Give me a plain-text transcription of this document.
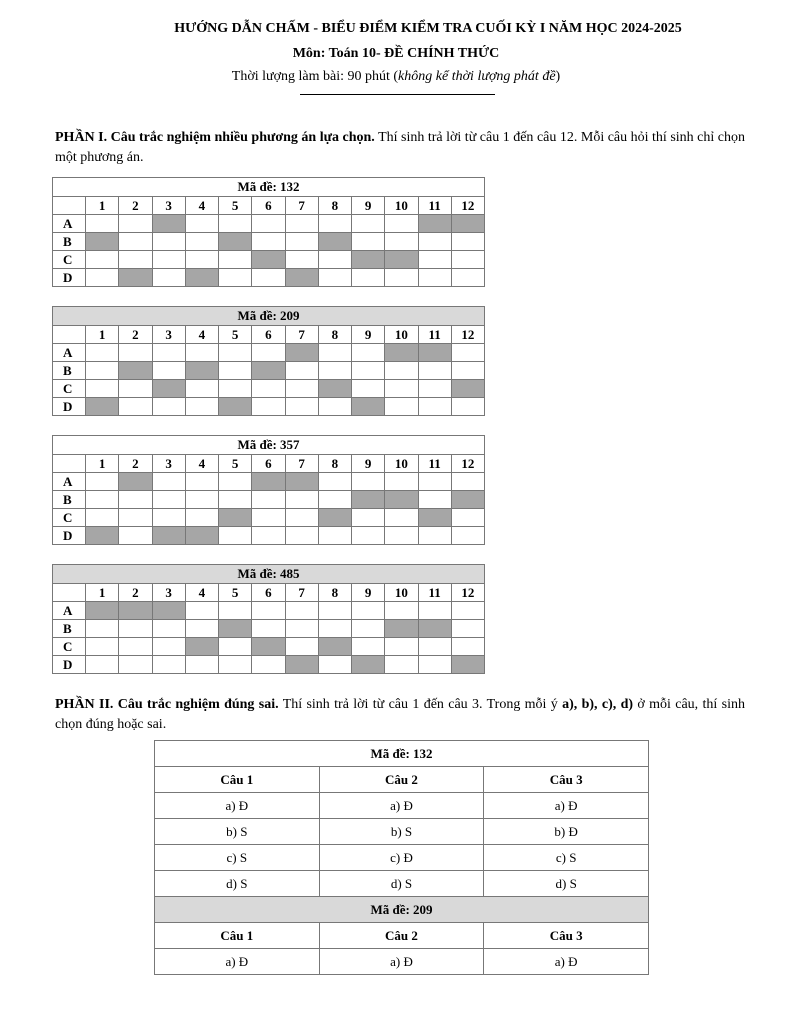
HƯỚNG DẪN CHẤM - BIỂU ĐIỂM KIỂM TRA CUỐI KỲ I NĂM HỌC 2024-2025
Môn: Toán 10- ĐỀ CHÍNH THỨC
Thời lượng làm bài: 90 phút (không kể thời lượng phát đề)
PHẦN I. Câu trắc nghiệm nhiều phương án lựa chọn. Thí sinh trả lời từ câu 1 đến câu 12. Mỗi câu hỏi thí sinh chỉ chọn một phương án.
Mã đề: 132												
	1	2	3	4	5	6	7	8	9	10	11	12
A												
B												
C												
D												
Mã đề: 209												
	1	2	3	4	5	6	7	8	9	10	11	12
A												
B												
C												
D												
Mã đề: 357												
	1	2	3	4	5	6	7	8	9	10	11	12
A												
B												
C												
D												
Mã đề: 485												
	1	2	3	4	5	6	7	8	9	10	11	12
A												
B												
C												
D												
PHẦN II. Câu trắc nghiệm đúng sai. Thí sinh trả lời từ câu 1 đến câu 3. Trong mỗi ý a), b), c), d) ở mỗi câu, thí sinh chọn đúng hoặc sai.
Mã đề: 132		
Câu 1	Câu 2	Câu 3
a) Đ	a) Đ	a) Đ
b) S	b) S	b) Đ
c) S	c) Đ	c) S
d) S	d) S	d) S
Mã đề: 209		
Câu 1	Câu 2	Câu 3
a) Đ	a) Đ	a) Đ
